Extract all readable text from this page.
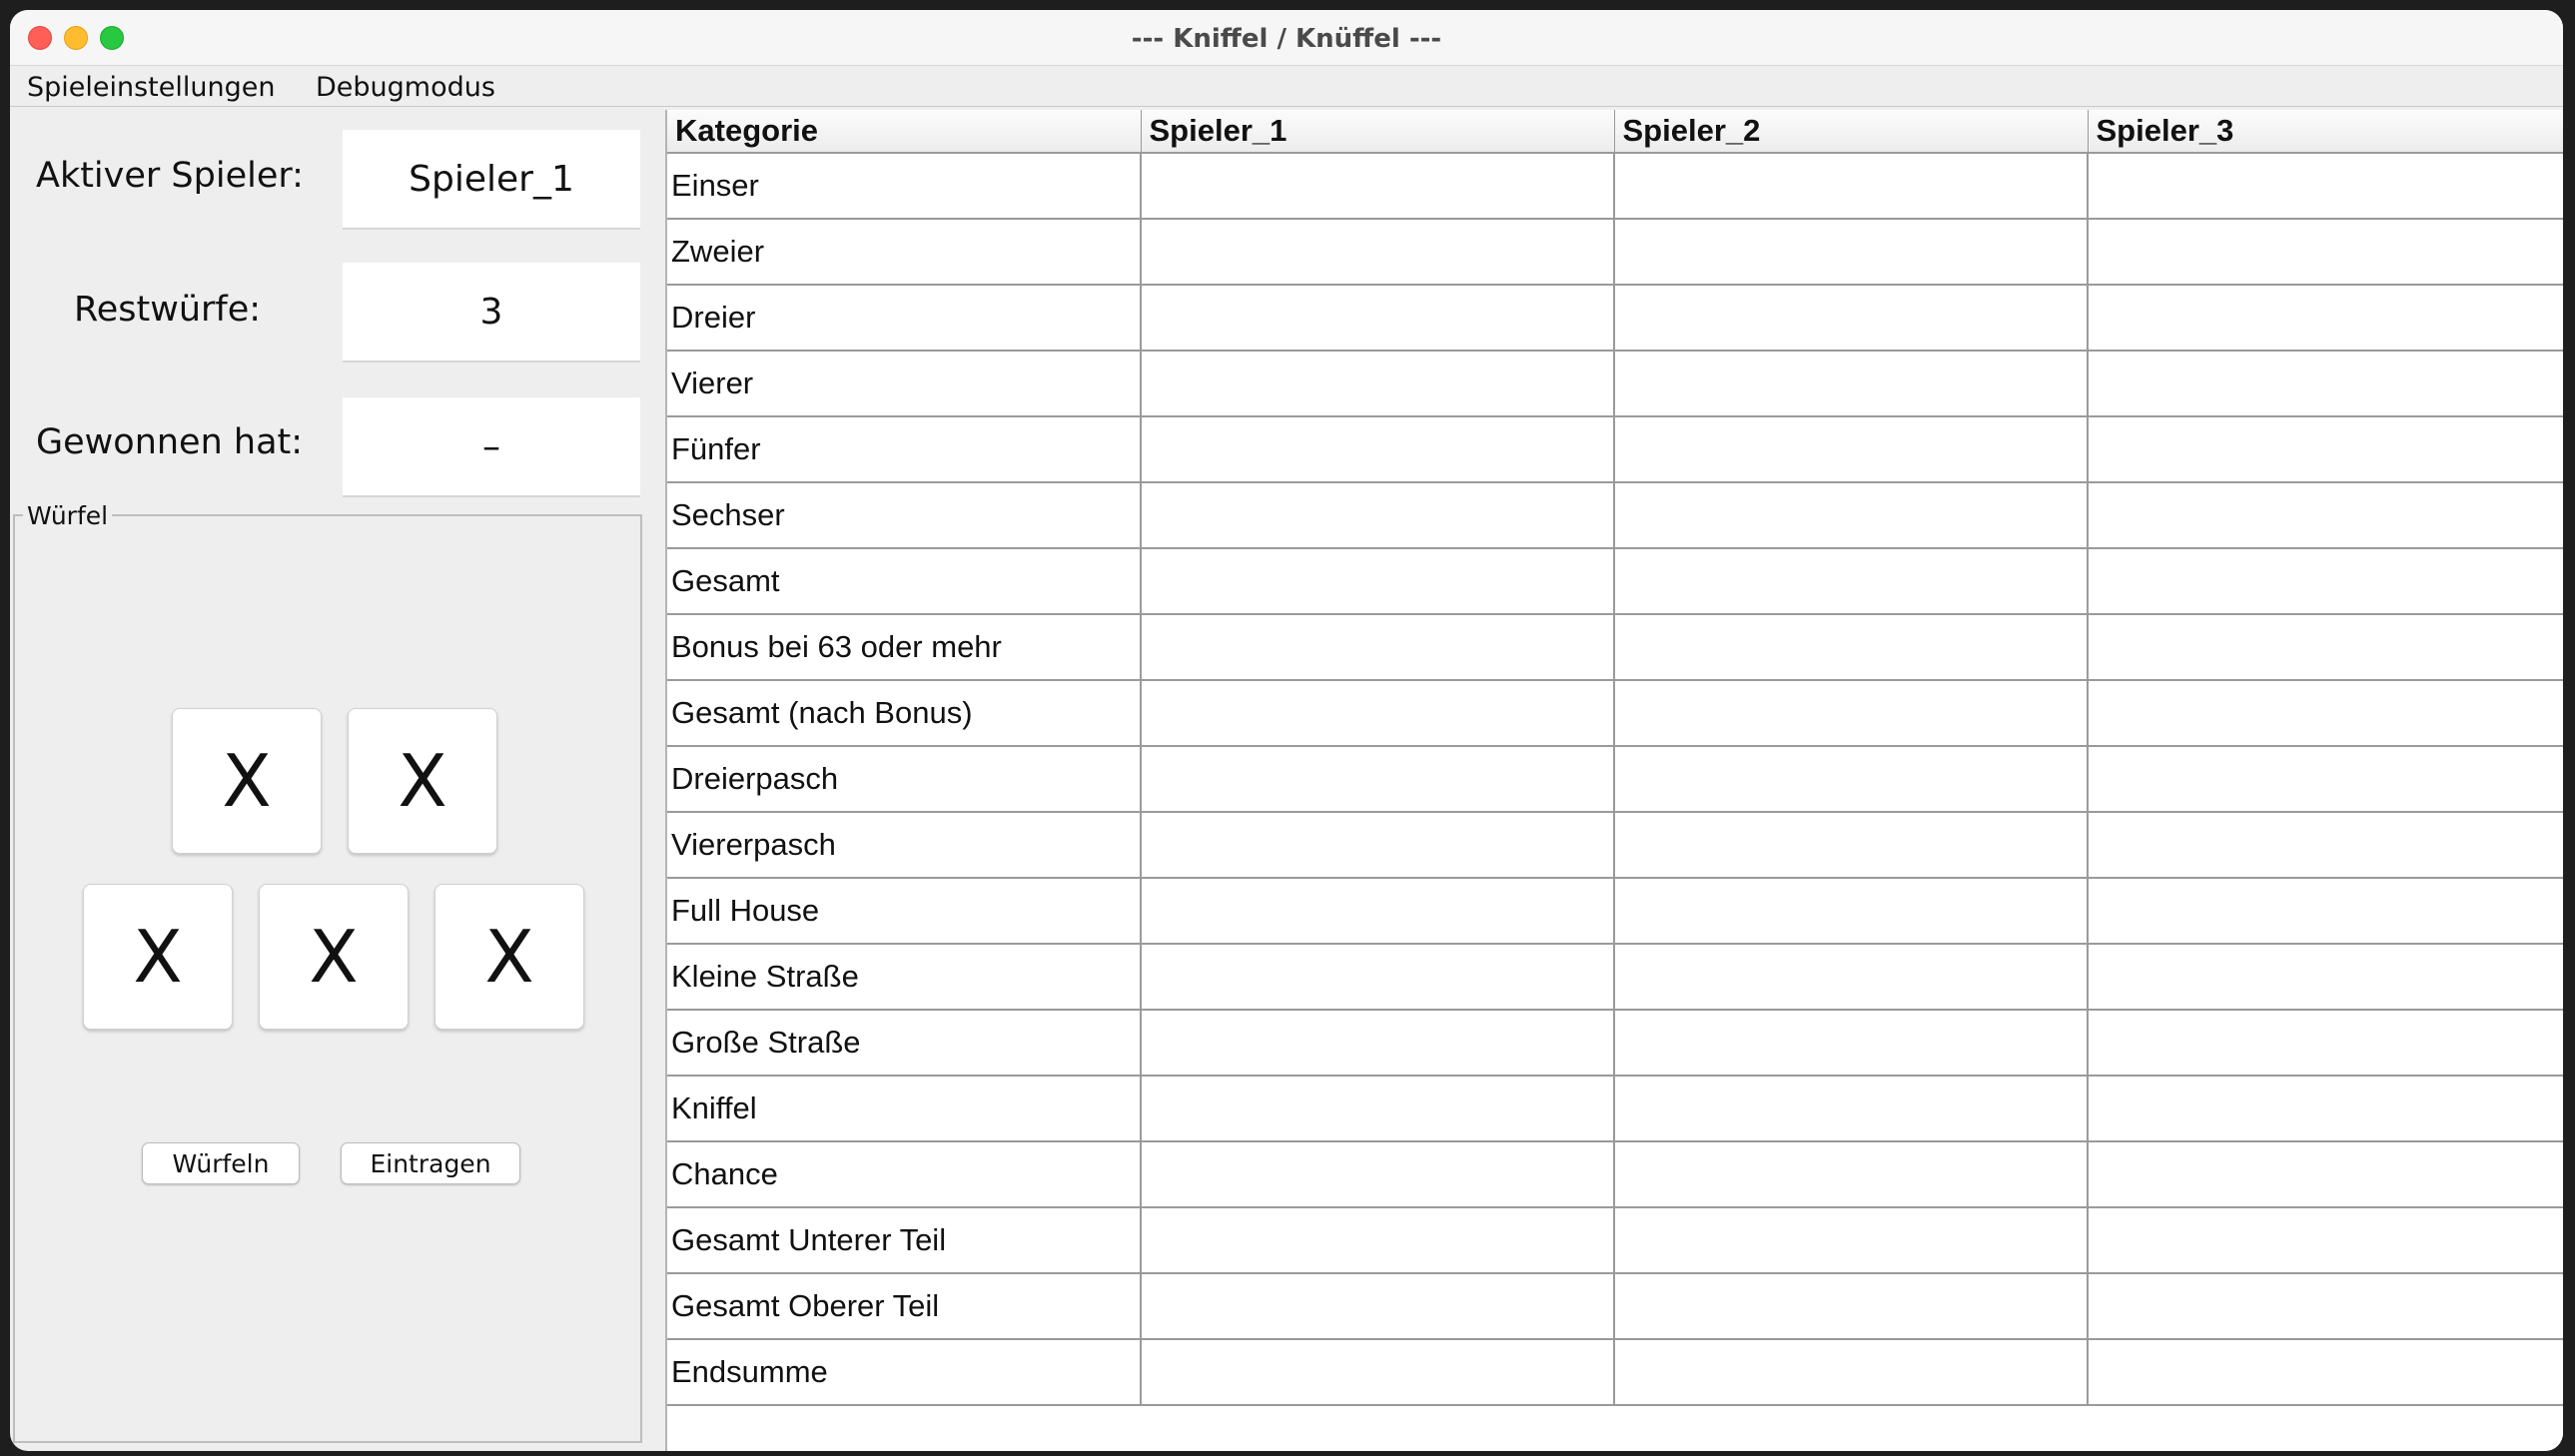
--- Kniffel / Knüffel ---
Spieleinstellungen Debugmodus
Aktiver Spieler:	Spieler_1
Restwürfe:	3
Gewonnen hat:	–
Würfel
X	X
X	X	X
Würfeln	Eintragen
Kategorie	Spieler_1	Spieler_2	Spieler_3
Einser			
Zweier			
Dreier			
Vierer			
Fünfer			
Sechser			
Gesamt			
Bonus bei 63 oder mehr			
Gesamt (nach Bonus)			
Dreierpasch			
Viererpasch			
Full House			
Kleine Straße			
Große Straße			
Kniffel			
Chance			
Gesamt Unterer Teil			
Gesamt Oberer Teil			
Endsumme			
